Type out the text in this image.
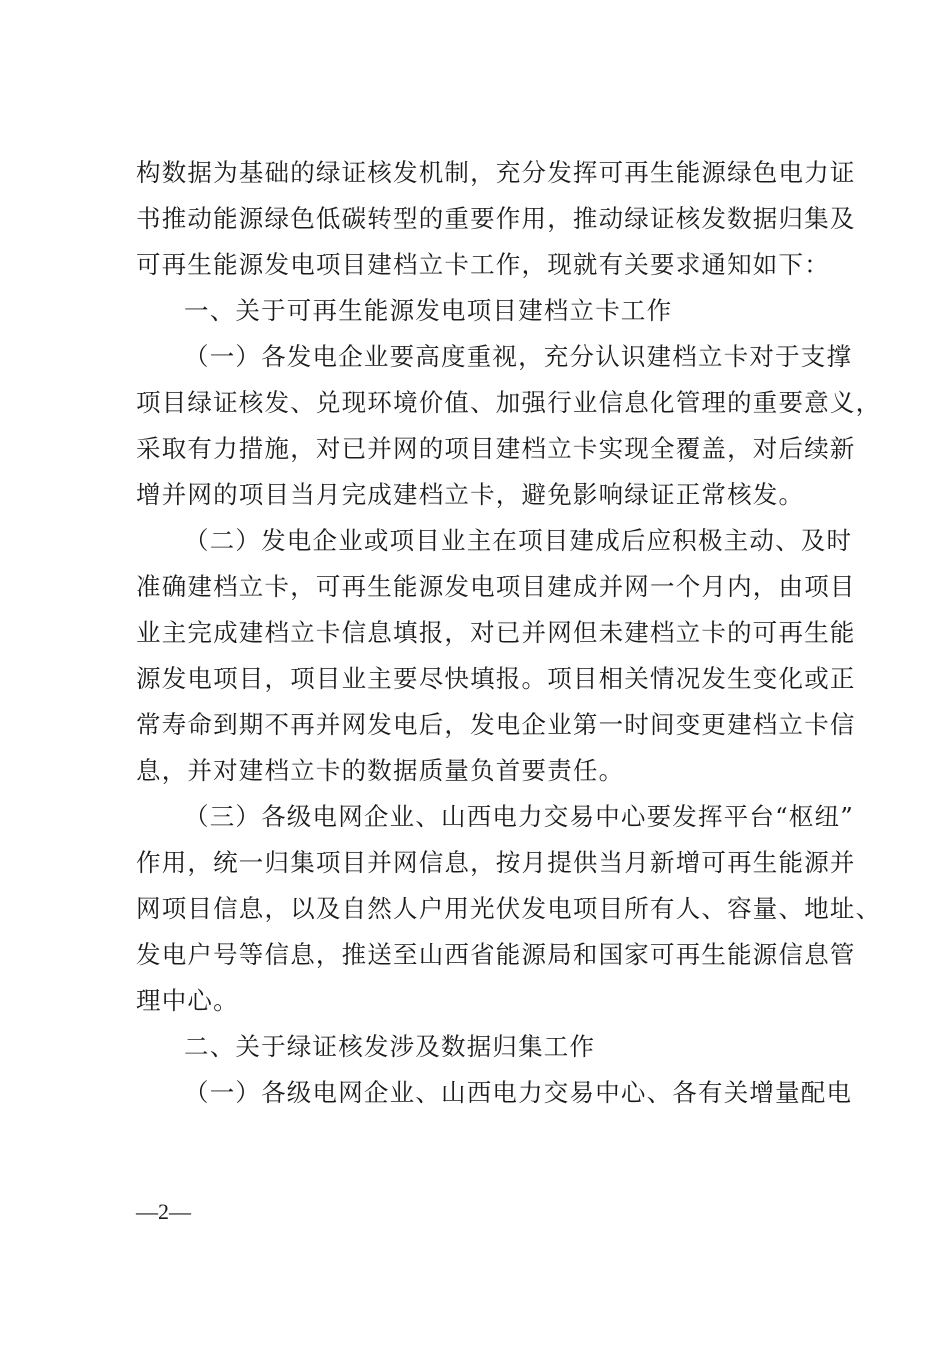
构数据为基础的绿证核发机制，充分发挥可再生能源绿色电力证
书推动能源绿色低碳转型的重要作用，推动绿证核发数据归集及
可再生能源发电项目建档立卡工作，现就有关要求通知如下：
一、关于可再生能源发电项目建档立卡工作
（一）各发电企业要高度重视，充分认识建档立卡对于支撑
项目绿证核发、兑现环境价值、加强行业信息化管理的重要意义，
采取有力措施，对已并网的项目建档立卡实现全覆盖，对后续新
增并网的项目当月完成建档立卡，避免影响绿证正常核发。
（二）发电企业或项目业主在项目建成后应积极主动、及时
准确建档立卡，可再生能源发电项目建成并网一个月内，由项目
业主完成建档立卡信息填报，对已并网但未建档立卡的可再生能
源发电项目，项目业主要尽快填报。项目相关情况发生变化或正
常寿命到期不再并网发电后，发电企业第一时间变更建档立卡信
息，并对建档立卡的数据质量负首要责任。
（三）各级电网企业、山西电力交易中心要发挥平台“枢纽”
作用，统一归集项目并网信息，按月提供当月新增可再生能源并
网项目信息，以及自然人户用光伏发电项目所有人、容量、地址、
发电户号等信息，推送至山西省能源局和国家可再生能源信息管
理中心。
二、关于绿证核发涉及数据归集工作
（一）各级电网企业、山西电力交易中心、各有关增量配电
—2—
